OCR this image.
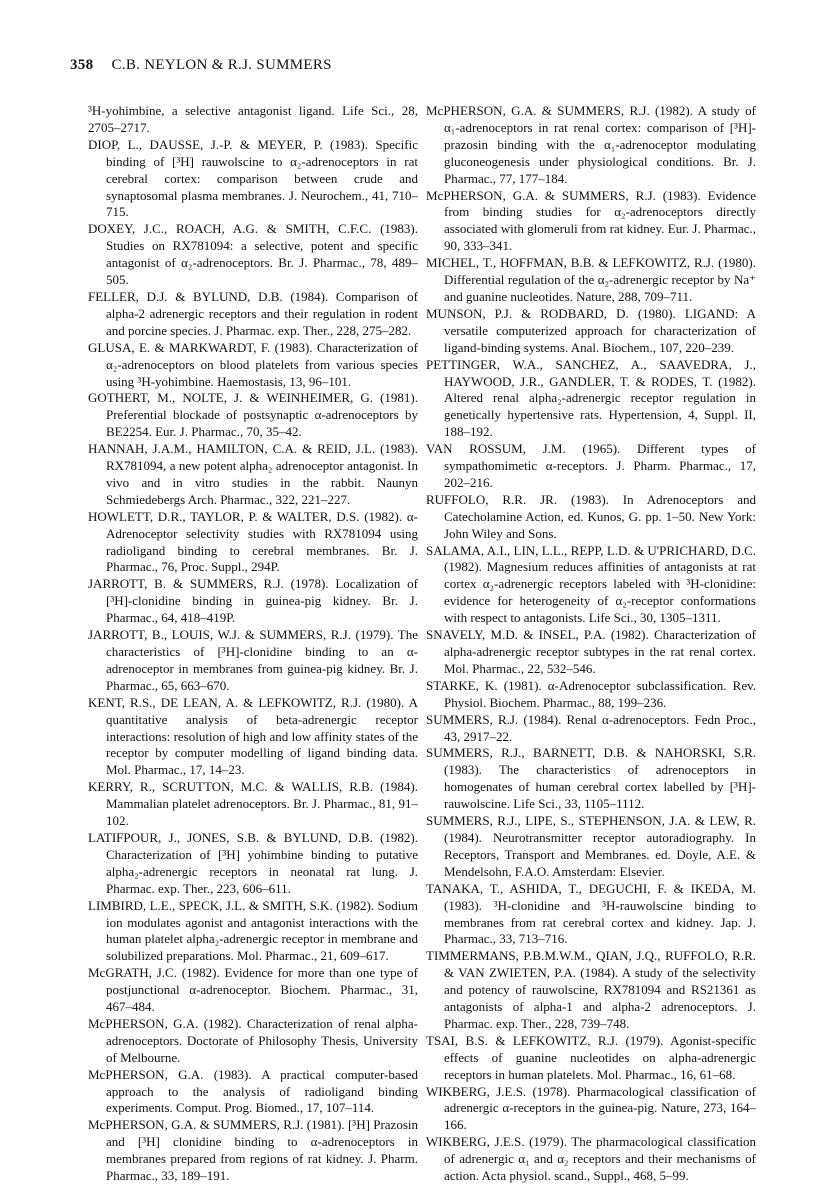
358 C.B. NEYLON & R.J. SUMMERS

³H-yohimbine, a selective antagonist ligand. Life Sci., 28, 2705–2717.

DIOP, L., DAUSSE, J.-P. & MEYER, P. (1983). Specific binding of [³H] rauwolscine to α₂-adrenoceptors in rat cerebral cortex: comparison between crude and synaptosomal plasma membranes. J. Neurochem., 41, 710–715.

DOXEY, J.C., ROACH, A.G. & SMITH, C.F.C. (1983). Studies on RX781094: a selective, potent and specific antagonist of α₂-adrenoceptors. Br. J. Pharmac., 78, 489–505.

FELLER, D.J. & BYLUND, D.B. (1984). Comparison of alpha-2 adrenergic receptors and their regulation in rodent and porcine species. J. Pharmac. exp. Ther., 228, 275–282.

GLUSA, E. & MARKWARDT, F. (1983). Characterization of α₂-adrenoceptors on blood platelets from various species using ³H-yohimbine. Haemostasis, 13, 96–101.

GOTHERT, M., NOLTE, J. & WEINHEIMER, G. (1981). Preferential blockade of postsynaptic α-adrenoceptors by BE2254. Eur. J. Pharmac., 70, 35–42.

HANNAH, J.A.M., HAMILTON, C.A. & REID, J.L. (1983). RX781094, a new potent alpha₂ adrenoceptor antagonist. In vivo and in vitro studies in the rabbit. Naunyn Schmiedebergs Arch. Pharmac., 322, 221–227.

HOWLETT, D.R., TAYLOR, P. & WALTER, D.S. (1982). α-Adrenoceptor selectivity studies with RX781094 using radioligand binding to cerebral membranes. Br. J. Pharmac., 76, Proc. Suppl., 294P.

JARROTT, B. & SUMMERS, R.J. (1978). Localization of [³H]-clonidine binding in guinea-pig kidney. Br. J. Pharmac., 64, 418–419P.

JARROTT, B., LOUIS, W.J. & SUMMERS, R.J. (1979). The characteristics of [³H]-clonidine binding to an α-adrenoceptor in membranes from guinea-pig kidney. Br. J. Pharmac., 65, 663–670.

KENT, R.S., DE LEAN, A. & LEFKOWITZ, R.J. (1980). A quantitative analysis of beta-adrenergic receptor interactions: resolution of high and low affinity states of the receptor by computer modelling of ligand binding data. Mol. Pharmac., 17, 14–23.

KERRY, R., SCRUTTON, M.C. & WALLIS, R.B. (1984). Mammalian platelet adrenoceptors. Br. J. Pharmac., 81, 91–102.

LATIFPOUR, J., JONES, S.B. & BYLUND, D.B. (1982). Characterization of [³H] yohimbine binding to putative alpha₂-adrenergic receptors in neonatal rat lung. J. Pharmac. exp. Ther., 223, 606–611.

LIMBIRD, L.E., SPECK, J.L. & SMITH, S.K. (1982). Sodium ion modulates agonist and antagonist interactions with the human platelet alpha₂-adrenergic receptor in membrane and solubilized preparations. Mol. Pharmac., 21, 609–617.

McGRATH, J.C. (1982). Evidence for more than one type of postjunctional α-adrenoceptor. Biochem. Pharmac., 31, 467–484.

McPHERSON, G.A. (1982). Characterization of renal alpha-adrenoceptors. Doctorate of Philosophy Thesis, University of Melbourne.

McPHERSON, G.A. (1983). A practical computer-based approach to the analysis of radioligand binding experiments. Comput. Prog. Biomed., 17, 107–114.

McPHERSON, G.A. & SUMMERS, R.J. (1981). [³H] Prazosin and [³H] clonidine binding to α-adrenoceptors in membranes prepared from regions of rat kidney. J. Pharm. Pharmac., 33, 189–191.

McPHERSON, G.A. & SUMMERS, R.J. (1982). A study of α₁-adrenoceptors in rat renal cortex: comparison of [³H]-prazosin binding with the α₁-adrenoceptor modulating gluconeogenesis under physiological conditions. Br. J. Pharmac., 77, 177–184.

McPHERSON, G.A. & SUMMERS, R.J. (1983). Evidence from binding studies for α₂-adrenoceptors directly associated with glomeruli from rat kidney. Eur. J. Pharmac., 90, 333–341.

MICHEL, T., HOFFMAN, B.B. & LEFKOWITZ, R.J. (1980). Differential regulation of the α₂-adrenergic receptor by Na⁺ and guanine nucleotides. Nature, 288, 709–711.

MUNSON, P.J. & RODBARD, D. (1980). LIGAND: A versatile computerized approach for characterization of ligand-binding systems. Anal. Biochem., 107, 220–239.

PETTINGER, W.A., SANCHEZ, A., SAAVEDRA, J., HAYWOOD, J.R., GANDLER, T. & RODES, T. (1982). Altered renal alpha₂-adrenergic receptor regulation in genetically hypertensive rats. Hypertension, 4, Suppl. II, 188–192.

VAN ROSSUM, J.M. (1965). Different types of sympathomimetic α-receptors. J. Pharm. Pharmac., 17, 202–216.

RUFFOLO, R.R. JR. (1983). In Adrenoceptors and Catecholamine Action, ed. Kunos, G. pp. 1–50. New York: John Wiley and Sons.

SALAMA, A.I., LIN, L.L., REPP, L.D. & U'PRICHARD, D.C. (1982). Magnesium reduces affinities of antagonists at rat cortex α₂-adrenergic receptors labeled with ³H-clonidine: evidence for heterogeneity of α₂-receptor conformations with respect to antagonists. Life Sci., 30, 1305–1311.

SNAVELY, M.D. & INSEL, P.A. (1982). Characterization of alpha-adrenergic receptor subtypes in the rat renal cortex. Mol. Pharmac., 22, 532–546.

STARKE, K. (1981). α-Adrenoceptor subclassification. Rev. Physiol. Biochem. Pharmac., 88, 199–236.

SUMMERS, R.J. (1984). Renal α-adrenoceptors. Fedn Proc., 43, 2917–22.

SUMMERS, R.J., BARNETT, D.B. & NAHORSKI, S.R. (1983). The characteristics of adrenoceptors in homogenates of human cerebral cortex labelled by [³H]-rauwolscine. Life Sci., 33, 1105–1112.

SUMMERS, R.J., LIPE, S., STEPHENSON, J.A. & LEW, R. (1984). Neurotransmitter receptor autoradiography. In Receptors, Transport and Membranes. ed. Doyle, A.E. & Mendelsohn, F.A.O. Amsterdam: Elsevier.

TANAKA, T., ASHIDA, T., DEGUCHI, F. & IKEDA, M. (1983). ³H-clonidine and ³H-rauwolscine binding to membranes from rat cerebral cortex and kidney. Jap. J. Pharmac., 33, 713–716.

TIMMERMANS, P.B.M.W.M., QIAN, J.Q., RUFFOLO, R.R. & VAN ZWIETEN, P.A. (1984). A study of the selectivity and potency of rauwolscine, RX781094 and RS21361 as antagonists of alpha-1 and alpha-2 adrenoceptors. J. Pharmac. exp. Ther., 228, 739–748.

TSAI, B.S. & LEFKOWITZ, R.J. (1979). Agonist-specific effects of guanine nucleotides on alpha-adrenergic receptors in human platelets. Mol. Pharmac., 16, 61–68.

WIKBERG, J.E.S. (1978). Pharmacological classification of adrenergic α-receptors in the guinea-pig. Nature, 273, 164–166.

WIKBERG, J.E.S. (1979). The pharmacological classification of adrenergic α₁ and α₂ receptors and their mechanisms of action. Acta physiol. scand., Suppl., 468, 5–99.
